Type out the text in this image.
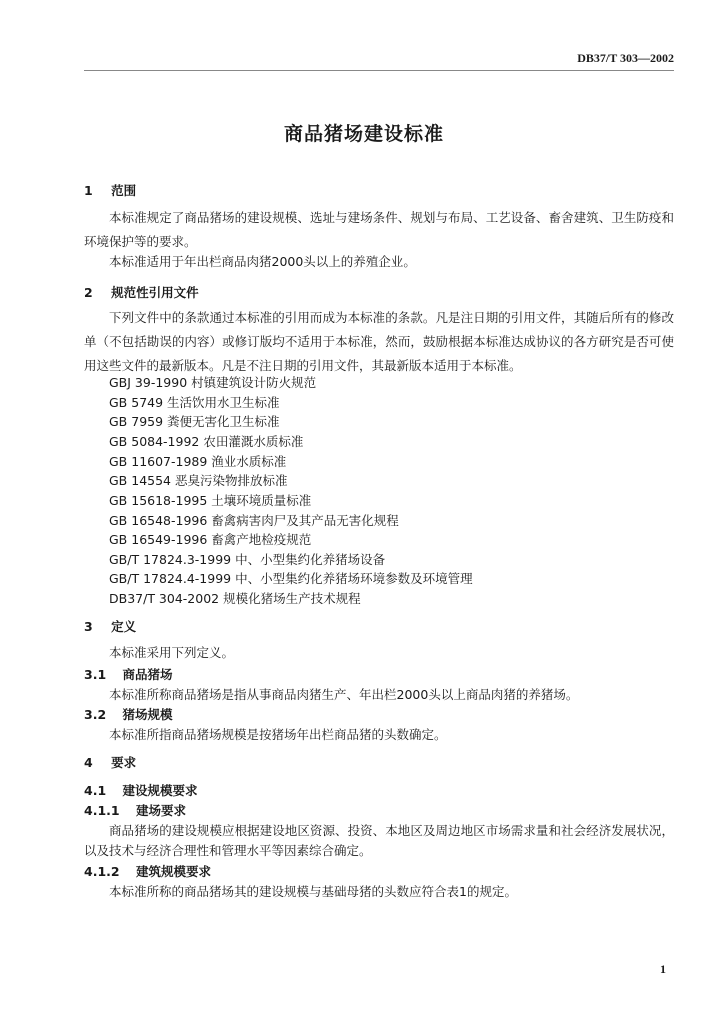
DB37/T 303—2002
商品猪场建设标准
1 范围
本标准规定了商品猪场的建设规模、选址与建场条件、规划与布局、工艺设备、畜舍建筑、卫生防疫和环境保护等的要求。
本标准适用于年出栏商品肉猪2000头以上的养殖企业。
2 规范性引用文件
下列文件中的条款通过本标准的引用而成为本标准的条款。凡是注日期的引用文件，其随后所有的修改单（不包括勘误的内容）或修订版均不适用于本标准，然而，鼓励根据本标准达成协议的各方研究是否可使用这些文件的最新版本。凡是不注日期的引用文件，其最新版本适用于本标准。
GBJ 39-1990 村镇建筑设计防火规范
GB 5749 生活饮用水卫生标准
GB 7959 粪便无害化卫生标准
GB 5084-1992 农田灌溉水质标准
GB 11607-1989 渔业水质标准
GB 14554 恶臭污染物排放标准
GB 15618-1995 土壤环境质量标准
GB 16548-1996 畜禽病害肉尸及其产品无害化规程
GB 16549-1996 畜禽产地检疫规范
GB/T 17824.3-1999 中、小型集约化养猪场设备
GB/T 17824.4-1999 中、小型集约化养猪场环境参数及环境管理
DB37/T 304-2002 规模化猪场生产技术规程
3 定义
本标准采用下列定义。
3.1 商品猪场
本标准所称商品猪场是指从事商品肉猪生产、年出栏2000头以上商品肉猪的养猪场。
3.2 猪场规模
本标准所指商品猪场规模是按猪场年出栏商品猪的头数确定。
4 要求
4.1 建设规模要求
4.1.1 建场要求
商品猪场的建设规模应根据建设地区资源、投资、本地区及周边地区市场需求量和社会经济发展状况，以及技术与经济合理性和管理水平等因素综合确定。
4.1.2 建筑规模要求
本标准所称的商品猪场其的建设规模与基础母猪的头数应符合表1的规定。
1
